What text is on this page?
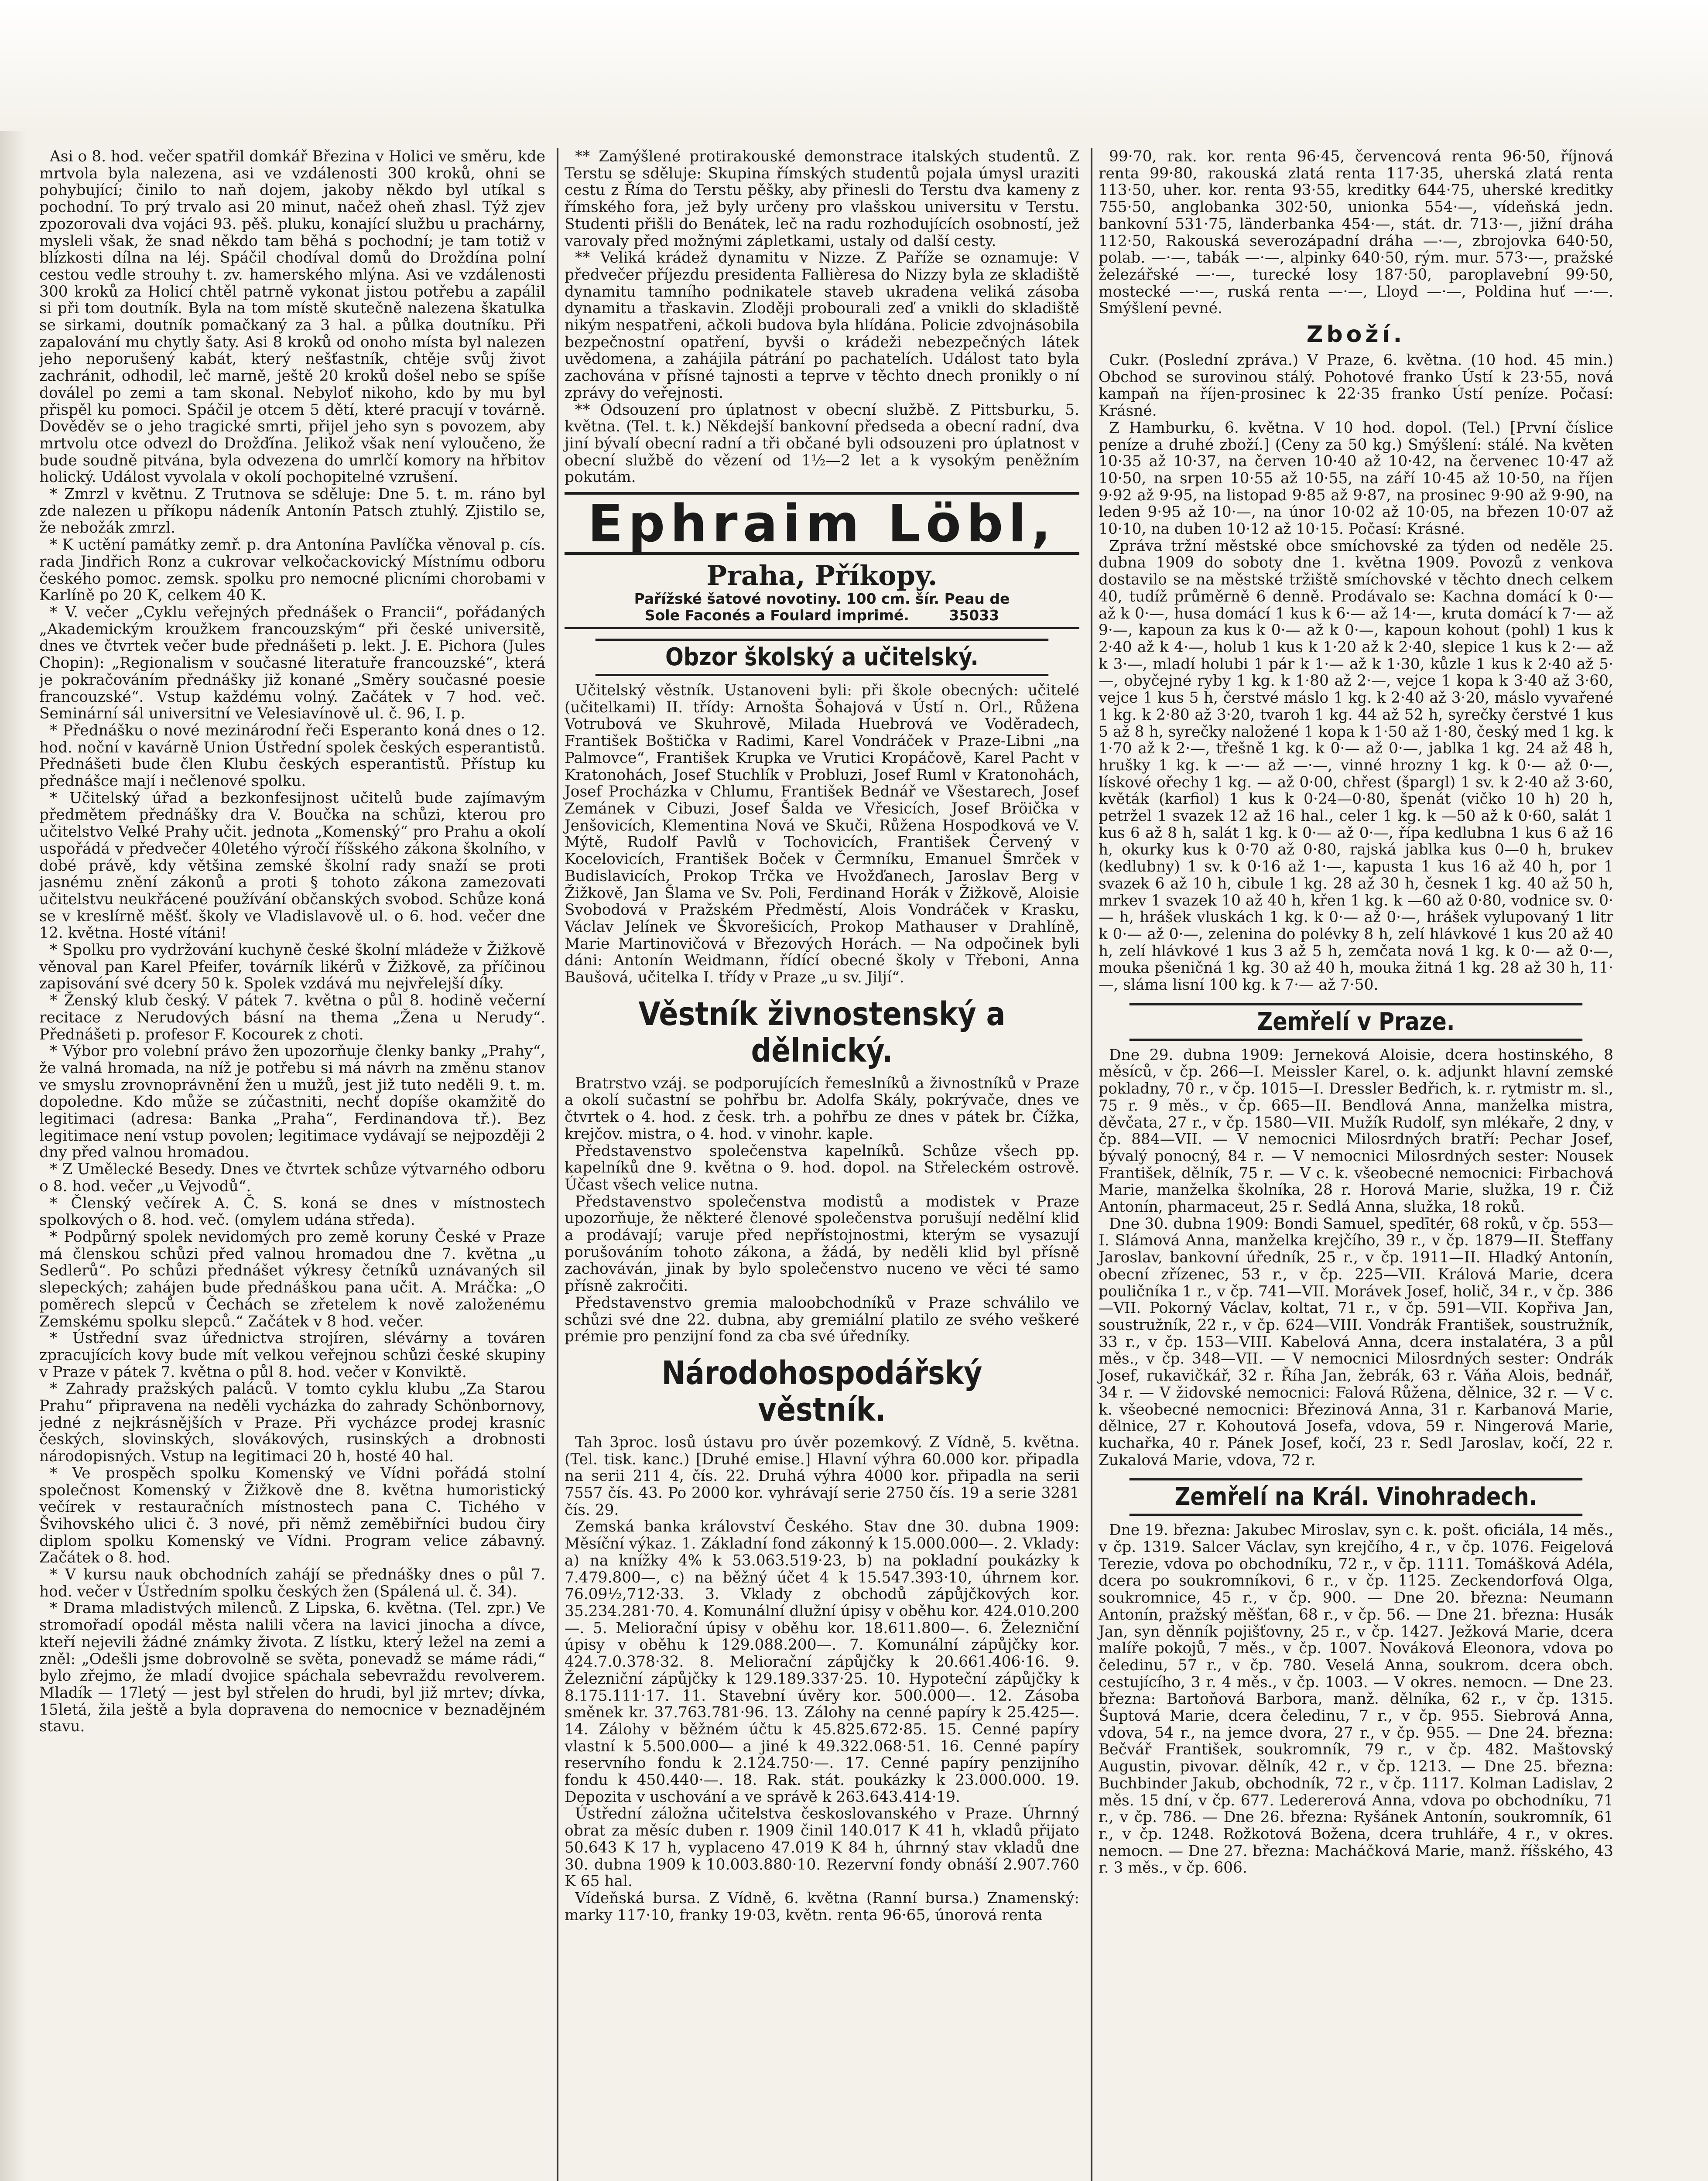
Asi o 8. hod. večer spatřil domkář Březina v Holici ve směru, kde mrtvola byla nalezena, asi ve vzdálenosti 300 kroků, ohni se pohybující; činilo to naň dojem, jakoby někdo byl utíkal s pochodní. To prý trvalo asi 20 minut, načež oheň zhasl. Týž zjev zpozorovali dva vojáci 93. pěš. pluku, konající službu u prachárny, mysleli však, že snad někdo tam běhá s pochodní; je tam totiž v blízkosti dílna na léj. Spáčil chodíval domů do Droždína polní cestou vedle strouhy t. zv. hamerského mlýna. Asi ve vzdálenosti 300 kroků za Holicí chtěl patrně vykonat jistou potřebu a zapálil si při tom doutník. Byla na tom místě skutečně nalezena škatulka se sirkami, doutník pomačkaný za 3 hal. a půlka doutníku. Při zapalování mu chytly šaty. Asi 8 kroků od onoho místa byl nalezen jeho neporušený kabát, který nešťastník, chtěje svůj život zachránit, odhodil, leč marně, ještě 20 kroků došel nebo se spíše doválel po zemi a tam skonal. Nebyloť nikoho, kdo by mu byl přispěl ku pomoci. Spáčil je otcem 5 dětí, které pracují v továrně. Dověděv se o jeho tragické smrti, přijel jeho syn s povozem, aby mrtvolu otce odvezl do Drožďína. Jelikož však není vyloučeno, že bude soudně pitvána, byla odvezena do umrlčí komory na hřbitov holický. Událost vyvolala v okolí pochopitelné vzrušení.

* Zmrzl v květnu. Z Trutnova se sděluje: Dne 5. t. m. ráno byl zde nalezen u příkopu nádeník Antonín Patsch ztuhlý. Zjistilo se, že nebožák zmrzl.

* K uctění památky zemř. p. dra Antonína Pavlíčka věnoval p. cís. rada Jindřich Ronz a cukrovar velkočackovický Místnímu odboru českého pomoc. zemsk. spolku pro nemocné plicními chorobami v Karlíně po 20 K, celkem 40 K.

* V. večer „Cyklu veřejných přednášek o Francii“, pořádaných „Akademickým kroužkem francouzským“ při české universitě, dnes ve čtvrtek večer bude přednášeti p. lekt. J. E. Pichora (Jules Chopin): „Regionalism v současné literatuře francouzské“, která je pokračováním přednášky již konané „Směry současné poesie francouzské“. Vstup každému volný. Začátek v 7 hod. več. Seminární sál universitní ve Velesiavínově ul. č. 96, I. p.

* Přednášku o nové mezinárodní řeči Esperanto koná dnes o 12. hod. noční v kavárně Union Ústřední spolek českých esperantistů. Přednášeti bude člen Klubu českých esperantistů. Přístup ku přednášce mají i nečlenové spolku.

* Učitelský úřad a bezkonfesijnost učitelů bude zajímavým předmětem přednášky dra V. Boučka na schůzi, kterou pro učitelstvo Velké Prahy učit. jednota „Komenský“ pro Prahu a okolí uspořádá v předvečer 40letého výročí říšského zákona školního, v dobé právě, kdy většina zemské školní rady snaží se proti jasnému znění zákonů a proti § tohoto zákona zamezovati učitelstvu neukřácené používání občanských svobod. Schůze koná se v kreslírně měšť. školy ve Vladislavově ul. o 6. hod. večer dne 12. května. Hosté vítáni!

* Spolku pro vydržování kuchyně české školní mládeže v Žižkově věnoval pan Karel Pfeifer, továrník likérů v Žižkově, za příčinou zapisování své dcery 50 k. Spolek vzdává mu nejvřelejší díky.

* Ženský klub český. V pátek 7. května o půl 8. hodině večerní recitace z Nerudových básní na thema „Žena u Nerudy“. Přednášeti p. profesor F. Kocourek z choti.

* Výbor pro volební právo žen upozorňuje členky banky „Prahy“, že valná hromada, na níž je potřebu si má návrh na změnu stanov ve smyslu zrovnoprávnění žen u mužů, jest již tuto neděli 9. t. m. dopoledne. Kdo může se zúčastniti, nechť dopíše okamžitě do legitimaci (adresa: Banka „Praha“, Ferdinandova tř.). Bez legitimace není vstup povolen; legitimace vydávají se nejpozději 2 dny před valnou hromadou.

* Z Umělecké Besedy. Dnes ve čtvrtek schůze výtvarného odboru o 8. hod. večer „u Vejvodů“.

* Členský večírek A. Č. S. koná se dnes v místnostech spolkových o 8. hod. več. (omylem udána středa).

* Podpůrný spolek nevidomých pro země koruny České v Praze má členskou schůzi před valnou hromadou dne 7. května „u Sedlerů“. Po schůzi přednášet výkresy četníků uznávaných sil slepeckých; zahájen bude přednáškou pana učit. A. Mráčka: „O poměrech slepců v Čechách se zřetelem k nově založenému Zemskému spolku slepců.“ Začátek v 8 hod. večer.

* Ústřední svaz úřednictva strojíren, slévárny a továren zpracujících kovy bude mít velkou veřejnou schůzi české skupiny v Praze v pátek 7. května o půl 8. hod. večer v Konviktě.

* Zahrady pražských paláců. V tomto cyklu klubu „Za Starou Prahu“ připravena na neděli vycházka do zahrady Schönbornovy, jedné z nejkrásnějších v Praze. Při vycházce prodej krasníc českých, slovinských, slovákových, rusinských a drobnosti národopisných. Vstup na legitimaci 20 h, hosté 40 hal.

* Ve prospěch spolku Komenský ve Vídni pořádá stolní společnost Komenský v Žižkově dne 8. května humoristický večírek v restauračních místnostech pana C. Tichého v Švihovského ulici č. 3 nové, při němž zeměbiřníci budou čiry diplom spolku Komenský ve Vídni. Program velice zábavný. Začátek o 8. hod.

* V kursu nauk obchodních zahájí se přednášky dnes o půl 7. hod. večer v Ústředním spolku českých žen (Spálená ul. č. 34).

* Drama mladistvých milenců. Z Lipska, 6. května. (Tel. zpr.) Ve stromořadí opodál města nalili včera na lavici jinocha a dívce, kteří nejevili žádné známky života. Z lístku, který ležel na zemi a zněl: „Odešli jsme dobrovolně se světa, ponevadž se máme rádi,“ bylo zřejmo, že mladí dvojice spáchala sebevraždu revolverem. Mladík — 17letý — jest byl střelen do hrudi, byl již mrtev; dívka, 15letá, žila ještě a byla dopravena do nemocnice v beznadějném stavu.

** Zamýšlené protirakouské demonstrace italských studentů. Z Terstu se sděluje: Skupina římských studentů pojala úmysl uraziti cestu z Říma do Terstu pěšky, aby přinesli do Terstu dva kameny z římského fora, jež byly určeny pro vlašskou universitu v Terstu. Studenti přišli do Benátek, leč na radu rozhodujících osobností, jež varovaly před možnými zápletkami, ustaly od další cesty.

** Veliká krádež dynamitu v Nizze. Z Paříže se oznamuje: V předvečer příjezdu presidenta Fallièresa do Nizzy byla ze skladiště dynamitu tamního podnikatele staveb ukradena veliká zásoba dynamitu a třaskavin. Zloději probourali zeď a vnikli do skladiště nikým nespatřeni, ačkoli budova byla hlídána. Policie zdvojnásobila bezpečnostní opatření, byvši o krádeži nebezpečných látek uvědomena, a zahájila pátrání po pachatelích. Událost tato byla zachována v přísné tajnosti a teprve v těchto dnech pronikly o ní zprávy do veřejnosti.

** Odsouzení pro úplatnost v obecní službě. Z Pittsburku, 5. května. (Tel. t. k.) Někdejší bankovní předseda a obecní radní, dva jiní bývalí obecní radní a tři občané byli odsouzeni pro úplatnost v obecní službě do vězení od 1½—2 let a k vysokým peněžním pokutám.

Ephraim Löbl,
Praha, Příkopy.
Pařížské šatové novotiny. 100 cm. šír. Peau de
Sole Faconés a Foulard imprimé.	35033
Obzor školský a učitelský.

Učitelský věstník. Ustanoveni byli: při škole obecných: učitelé (učitelkami) II. třídy: Arnošta Šohajová v Ústí n. Orl., Růžena Votrubová ve Skuhrově, Milada Huebrová ve Voděradech, František Boštička v Radimi, Karel Vondráček v Praze-Libni „na Palmovce“, František Krupka ve Vrutici Kropáčově, Karel Pacht v Kratonohách, Josef Stuchlík v Probluzi, Josef Ruml v Kratonohách, Josef Procházka v Chlumu, František Bednář ve Všestarech, Josef Zemánek v Cibuzi, Josef Šalda ve Vřesicích, Josef Bröička v Jenšovicích, Klementina Nová ve Skuči, Růžena Hospodková ve V. Mýtě, Rudolf Pavlů v Tochovicích, František Červený v Kocelovicích, František Boček v Čermníku, Emanuel Šmrček v Budislavicích, Prokop Trčka ve Hvožďanech, Jaroslav Berg v Žižkově, Jan Šlama ve Sv. Poli, Ferdinand Horák v Žižkově, Aloisie Svobodová v Pražském Předměstí, Alois Vondráček v Krasku, Václav Jelínek ve Škvorešicích, Prokop Mathauser v Drahlíně, Marie Martinovičová v Březových Horách. — Na odpočinek byli dáni: Antonín Weidmann, řídící obecné školy v Třeboni, Anna Baušová, učitelka I. třídy v Praze „u sv. Jiljí“.

Věstník živnostenský a dělnický.

Bratrstvo vzáj. se podporujících řemeslníků a živnostníků v Praze a okolí sučastní se pohřbu br. Adolfa Skály, pokrývače, dnes ve čtvrtek o 4. hod. z česk. trh. a pohřbu ze dnes v pátek br. Čížka, krejčov. mistra, o 4. hod. v vinohr. kaple.

Představenstvo společenstva kapelníků. Schůze všech pp. kapelníků dne 9. května o 9. hod. dopol. na Střeleckém ostrově. Účast všech velice nutna.

Představenstvo společenstva modistů a modistek v Praze upozorňuje, že některé členové společenstva porušují nedělní klid a prodávají; varuje před nepřístojnostmi, kterým se vysazují porušováním tohoto zákona, a žádá, by neděli klid byl přísně zachováván, jinak by bylo společenstvo nuceno ve věci té samo přísně zakročiti.

Představenstvo gremia maloobchodníků v Praze schválilo ve schůzi své dne 22. dubna, aby gremiální platilo ze svého veškeré prémie pro penzijní fond za cba své úředníky.

Národohospodářský věstník.

Tah 3proc. losů ústavu pro úvěr pozemkový. Z Vídně, 5. května. (Tel. tisk. kanc.) [Druhé emise.] Hlavní výhra 60.000 kor. připadla na serii 211 4, čís. 22. Druhá výhra 4000 kor. připadla na serii 7557 čís. 43. Po 2000 kor. vyhrávají serie 2750 čís. 19 a serie 3281 čís. 29.

Zemská banka království Českého. Stav dne 30. dubna 1909: Měsíční výkaz. 1. Základní fond zákonný k 15.000.000—. 2. Vklady: a) na knížky 4% k 53.063.519·23, b) na pokladní poukázky k 7.479.800—, c) na běžný účet 4 k 15.547.393·10, úhrnem kor. 76.09½,712·33. 3. Vklady z obchodů zápůjčkových kor. 35.234.281·70. 4. Komunální dlužní úpisy v oběhu kor. 424.010.200—. 5. Meliorační úpisy v oběhu kor. 18.611.800—. 6. Železniční úpisy v oběhu k 129.088.200—. 7. Komunální zápůjčky kor. 424.7.0.378·32. 8. Meliorační zápůjčky k 20.661.406·16. 9. Železniční zápůjčky k 129.189.337·25. 10. Hypoteční zápůjčky k 8.175.111·17. 11. Stavební úvěry kor. 500.000—. 12. Zásoba směnek kr. 37.763.781·96. 13. Zálohy na cenné papíry k 25.425—. 14. Zálohy v běžném účtu k 45.825.672·85. 15. Cenné papíry vlastní k 5.500.000— a jiné k 49.322.068·51. 16. Cenné papíry reservního fondu k 2.124.750·—. 17. Cenné papíry penzijního fondu k 450.440·—. 18. Rak. stát. poukázky k 23.000.000. 19. Depozita v uschování a ve správě k 263.643.414·19.

Ústřední záložna učitelstva českoslovanského v Praze. Úhrnný obrat za měsíc duben r. 1909 činil 140.017 K 41 h, vkladů přijato 50.643 K 17 h, vyplaceno 47.019 K 84 h, úhrnný stav vkladů dne 30. dubna 1909 k 10.003.880·10. Rezervní fondy obnáší 2.907.760 K 65 hal.

Vídeňská bursa. Z Vídně, 6. května (Ranní bursa.) Znamenský: marky 117·10, franky 19·03, květn. renta 96·65, únorová renta

99·70, rak. kor. renta 96·45, červencová renta 96·50, říjnová renta 99·80, rakouská zlatá renta 117·35, uherská zlatá renta 113·50, uher. kor. renta 93·55, kreditky 644·75, uherské kreditky 755·50, anglobanka 302·50, unionka 554·—, vídeňská jedn. bankovní 531·75, länderbanka 454·—, stát. dr. 713·—, jižní dráha 112·50, Rakouská severozápadní dráha —·—, zbrojovka 640·50, polab. —·—, tabák —·—, alpinky 640·50, rým. mur. 573·—, pražské železářské —·—, turecké losy 187·50, paroplavební 99·50, mostecké —·—, ruská renta —·—, Lloyd —·—, Poldina huť —·—. Smýšlení pevné.

Zboží.

Cukr. (Poslední zpráva.) V Praze, 6. května. (10 hod. 45 min.) Obchod se surovinou stálý. Pohotové franko Ústí k 23·55, nová kampaň na říjen-prosinec k 22·35 franko Ústí peníze. Počasí: Krásné.

Z Hamburku, 6. května. V 10 hod. dopol. (Tel.) [První číslice peníze a druhé zboží.] (Ceny za 50 kg.) Smýšlení: stálé. Na květen 10·35 až 10·37, na červen 10·40 až 10·42, na červenec 10·47 až 10·50, na srpen 10·55 až 10·55, na září 10·45 až 10·50, na říjen 9·92 až 9·95, na listopad 9·85 až 9·87, na prosinec 9·90 až 9·90, na leden 9·95 až 10·—, na únor 10·02 až 10·05, na březen 10·07 až 10·10, na duben 10·12 až 10·15. Počasí: Krásné.

Zpráva tržní městské obce smíchovské za týden od neděle 25. dubna 1909 do soboty dne 1. května 1909. Povozů z venkova dostavilo se na městské tržiště smíchovské v těchto dnech celkem 40, tudíž průměrně 6 denně. Prodávalo se: Kachna domácí k 0·— až k 0·—, husa domácí 1 kus k 6·— až 14·—, kruta domácí k 7·— až 9·—, kapoun za kus k 0·— až k 0·—, kapoun kohout (pohl) 1 kus k 2·40 až k 4·—, holub 1 kus k 1·20 až k 2·40, slepice 1 kus k 2·— až k 3·—, mladí holubi 1 pár k 1·— až k 1·30, kůzle 1 kus k 2·40 až 5·—, obyčejné ryby 1 kg. k 1·80 až 2·—, vejce 1 kopa k 3·40 až 3·60, vejce 1 kus 5 h, čerstvé máslo 1 kg. k 2·40 až 3·20, máslo vyvařené 1 kg. k 2·80 až 3·20, tvaroh 1 kg. 44 až 52 h, syrečky čerstvé 1 kus 5 až 8 h, syrečky naložené 1 kopa k 1·50 až 1·80, český med 1 kg. k 1·70 až k 2·—, třešně 1 kg. k 0·— až 0·—, jablka 1 kg. 24 až 48 h, hrušky 1 kg. k —·— až —·—, vinné hrozny 1 kg. k 0·— až 0·—, lískové ořechy 1 kg. — až 0·00, chřest (špargl) 1 sv. k 2·40 až 3·60, květák (karfiol) 1 kus k 0·24—0·80, špenát (vičko 10 h) 20 h, petržel 1 svazek 12 až 16 hal., celer 1 kg. k —50 až k 0·60, salát 1 kus 6 až 8 h, salát 1 kg. k 0·— až 0·—, řípa kedlubna 1 kus 6 až 16 h, okurky kus k 0·70 až 0·80, rajská jablka kus 0—0 h, brukev (kedlubny) 1 sv. k 0·16 až 1·—, kapusta 1 kus 16 až 40 h, por 1 svazek 6 až 10 h, cibule 1 kg. 28 až 30 h, česnek 1 kg. 40 až 50 h, mrkev 1 svazek 10 až 40 h, křen 1 kg. k —60 až 0·80, vodnice sv. 0·— h, hrášek vluskách 1 kg. k 0·— až 0·—, hrášek vylupovaný 1 litr k 0·— až 0·—, zelenina do polévky 8 h, zelí hlávkové 1 kus 20 až 40 h, zelí hlávkové 1 kus 3 až 5 h, zemčata nová 1 kg. k 0·— až 0·—, mouka pšeničná 1 kg. 30 až 40 h, mouka žitná 1 kg. 28 až 30 h, 11·—, sláma lisní 100 kg. k 7·— až 7·50.

Zemřelí v Praze.

Dne 29. dubna 1909: Jerneková Aloisie, dcera hostinského, 8 měsíců, v čp. 266—I. Meissler Karel, o. k. adjunkt hlavní zemské pokladny, 70 r., v čp. 1015—I. Dressler Bedřich, k. r. rytmistr m. sl., 75 r. 9 měs., v čp. 665—II. Bendlová Anna, manželka mistra, děvčata, 27 r., v čp. 1580—VII. Mužík Rudolf, syn mlékaře, 2 dny, v čp. 884—VII. — V nemocnici Milosrdných bratří: Pechar Josef, bývalý ponocný, 84 r. — V nemocnici Milosrdných sester: Nousek František, dělník, 75 r. — V c. k. všeobecné nemocnici: Firbachová Marie, manželka školníka, 28 r. Horová Marie, služka, 19 r. Čiž Antonín, pharmaceut, 25 r. Sedlá Anna, služka, 18 roků.

Dne 30. dubna 1909: Bondi Samuel, spedītér, 68 roků, v čp. 553—I. Slámová Anna, manželka krejčího, 39 r., v čp. 1879—II. Šteffany Jaroslav, bankovní úředník, 25 r., v čp. 1911—II. Hladký Antonín, obecní zřízenec, 53 r., v čp. 225—VII. Králová Marie, dcera pouličníka 1 r., v čp. 741—VII. Morávek Josef, holič, 34 r., v čp. 386—VII. Pokorný Václav, koltat, 71 r., v čp. 591—VII. Kopřiva Jan, soustružník, 22 r., v čp. 624—VIII. Vondrák František, soustružník, 33 r., v čp. 153—VIII. Kabelová Anna, dcera instalatéra, 3 a půl měs., v čp. 348—VII. — V nemocnici Milosrdných sester: Ondrák Josef, rukavičkář, 32 r. Říha Jan, žebrák, 63 r. Váňa Alois, bednář, 34 r. — V židovské nemocnici: Falová Růžena, dělnice, 32 r. — V c. k. všeobecné nemocnici: Březinová Anna, 31 r. Karbanová Marie, dělnice, 27 r. Kohoutová Josefa, vdova, 59 r. Ningerová Marie, kuchařka, 40 r. Pánek Josef, kočí, 23 r. Sedl Jaroslav, kočí, 22 r. Zukalová Marie, vdova, 72 r.

Zemřelí na Král. Vinohradech.

Dne 19. března: Jakubec Miroslav, syn c. k. pošt. oficiála, 14 měs., v čp. 1319. Salcer Václav, syn krejčího, 4 r., v čp. 1076. Feigelová Terezie, vdova po obchodníku, 72 r., v čp. 1111. Tomášková Adéla, dcera po soukromníkovi, 6 r., v čp. 1125. Zeckendorfová Olga, soukromnice, 45 r., v čp. 900. — Dne 20. března: Neumann Antonín, pražský měšťan, 68 r., v čp. 56. — Dne 21. března: Husák Jan, syn děnník pojišťovny, 25 r., v čp. 1427. Ježková Marie, dcera malíře pokojů, 7 měs., v čp. 1007. Nováková Eleonora, vdova po čeledinu, 57 r., v čp. 780. Veselá Anna, soukrom. dcera obch. cestujícího, 3 r. 4 měs., v čp. 1003. — V okres. nemocn. — Dne 23. března: Bartoňová Barbora, manž. dělníka, 62 r., v čp. 1315. Šuptová Marie, dcera čeledinu, 7 r., v čp. 955. Siebrová Anna, vdova, 54 r., na jemce dvora, 27 r., v čp. 955. — Dne 24. března: Bečvář František, soukromník, 79 r., v čp. 482. Maštovský Augustin, pivovar. dělník, 42 r., v čp. 1213. — Dne 25. března: Buchbinder Jakub, obchodník, 72 r., v čp. 1117. Kolman Ladislav, 2 měs. 15 dní, v čp. 677. Ledererová Anna, vdova po obchodníku, 71 r., v čp. 786. — Dne 26. března: Ryšánek Antonín, soukromník, 61 r., v čp. 1248. Rožkotová Božena, dcera truhláře, 4 r., v okres. nemocn. — Dne 27. března: Macháčková Marie, manž. říšského, 43 r. 3 měs., v čp. 606.
